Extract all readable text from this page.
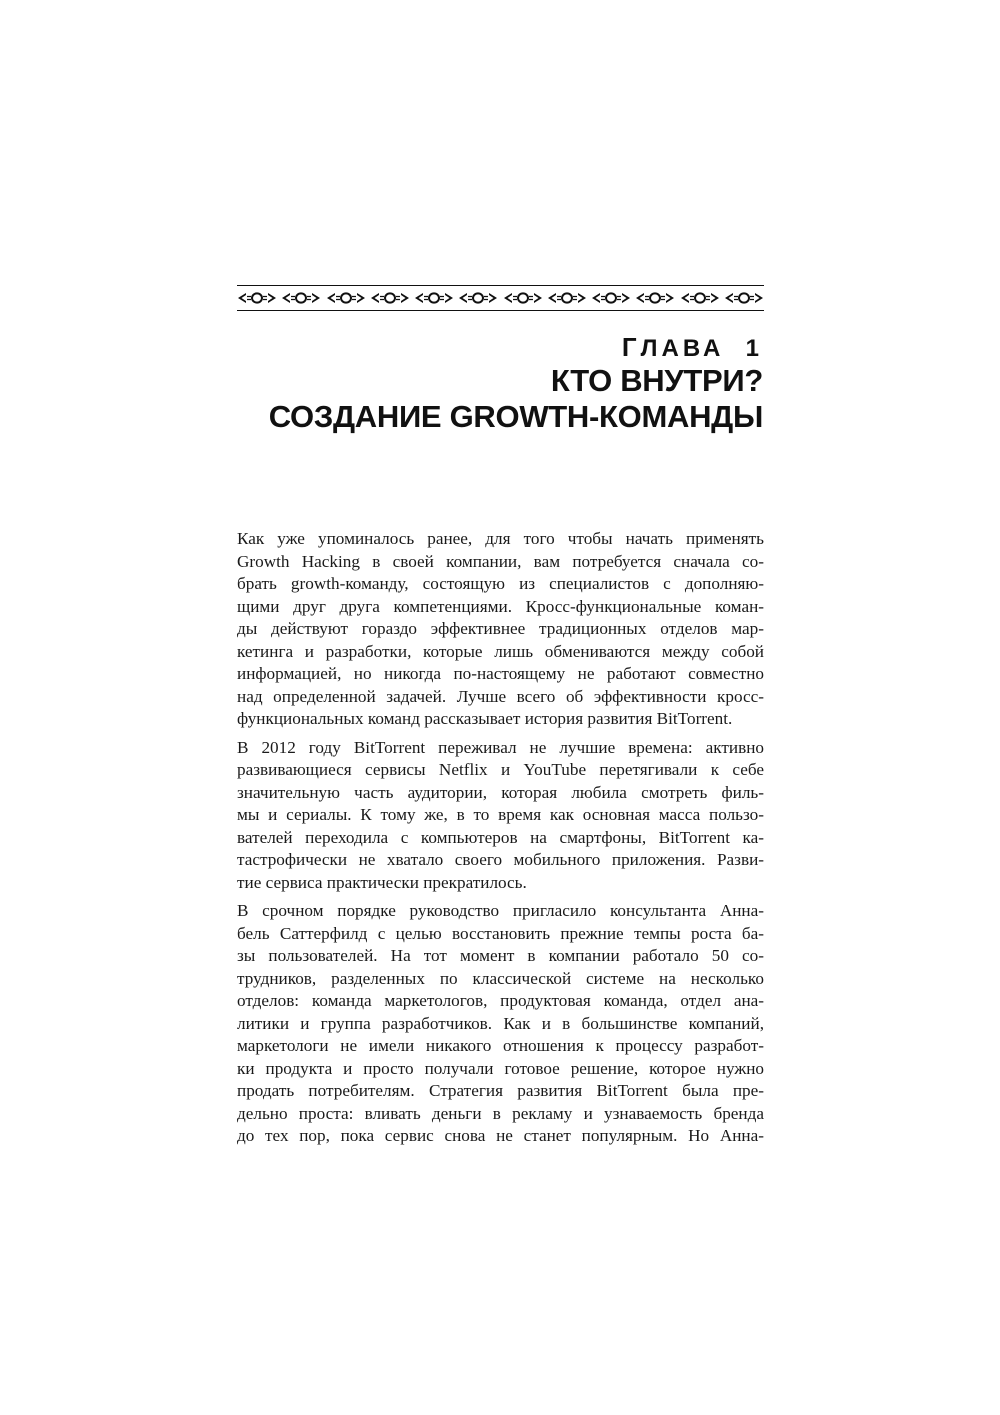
ГЛАВА 1
КТО ВНУТРИ?
СОЗДАНИЕ GROWTH-КОМАНДЫ
Как уже упоминалось ранее, для того чтобы начать применять
Growth Hacking в своей компании, вам потребуется сначала со-
брать growth-команду, состоящую из специалистов с дополняю-
щими друг друга компетенциями. Кросс-функциональные коман-
ды действуют гораздо эффективнее традиционных отделов мар-
кетинга и разработки, которые лишь обмениваются между собой
информацией, но никогда по-настоящему не работают совместно
над определенной задачей. Лучше всего об эффективности кросс-
функциональных команд рассказывает история развития BitTorrent.
В 2012 году BitTorrent переживал не лучшие времена: активно
развивающиеся сервисы Netflix и YouTube перетягивали к себе
значительную часть аудитории, которая любила смотреть филь-
мы и сериалы. К тому же, в то время как основная масса пользо-
вателей переходила с компьютеров на смартфоны, BitTorrent ка-
тастрофически не хватало своего мобильного приложения. Разви-
тие сервиса практически прекратилось.
В срочном порядке руководство пригласило консультанта Анна-
бель Саттерфилд с целью восстановить прежние темпы роста ба-
зы пользователей. На тот момент в компании работало 50 со-
трудников, разделенных по классической системе на несколько
отделов: команда маркетологов, продуктовая команда, отдел ана-
литики и группа разработчиков. Как и в большинстве компаний,
маркетологи не имели никакого отношения к процессу разработ-
ки продукта и просто получали готовое решение, которое нужно
продать потребителям. Стратегия развития BitTorrent была пре-
дельно проста: вливать деньги в рекламу и узнаваемость бренда
до тех пор, пока сервис снова не станет популярным. Но Анна-
